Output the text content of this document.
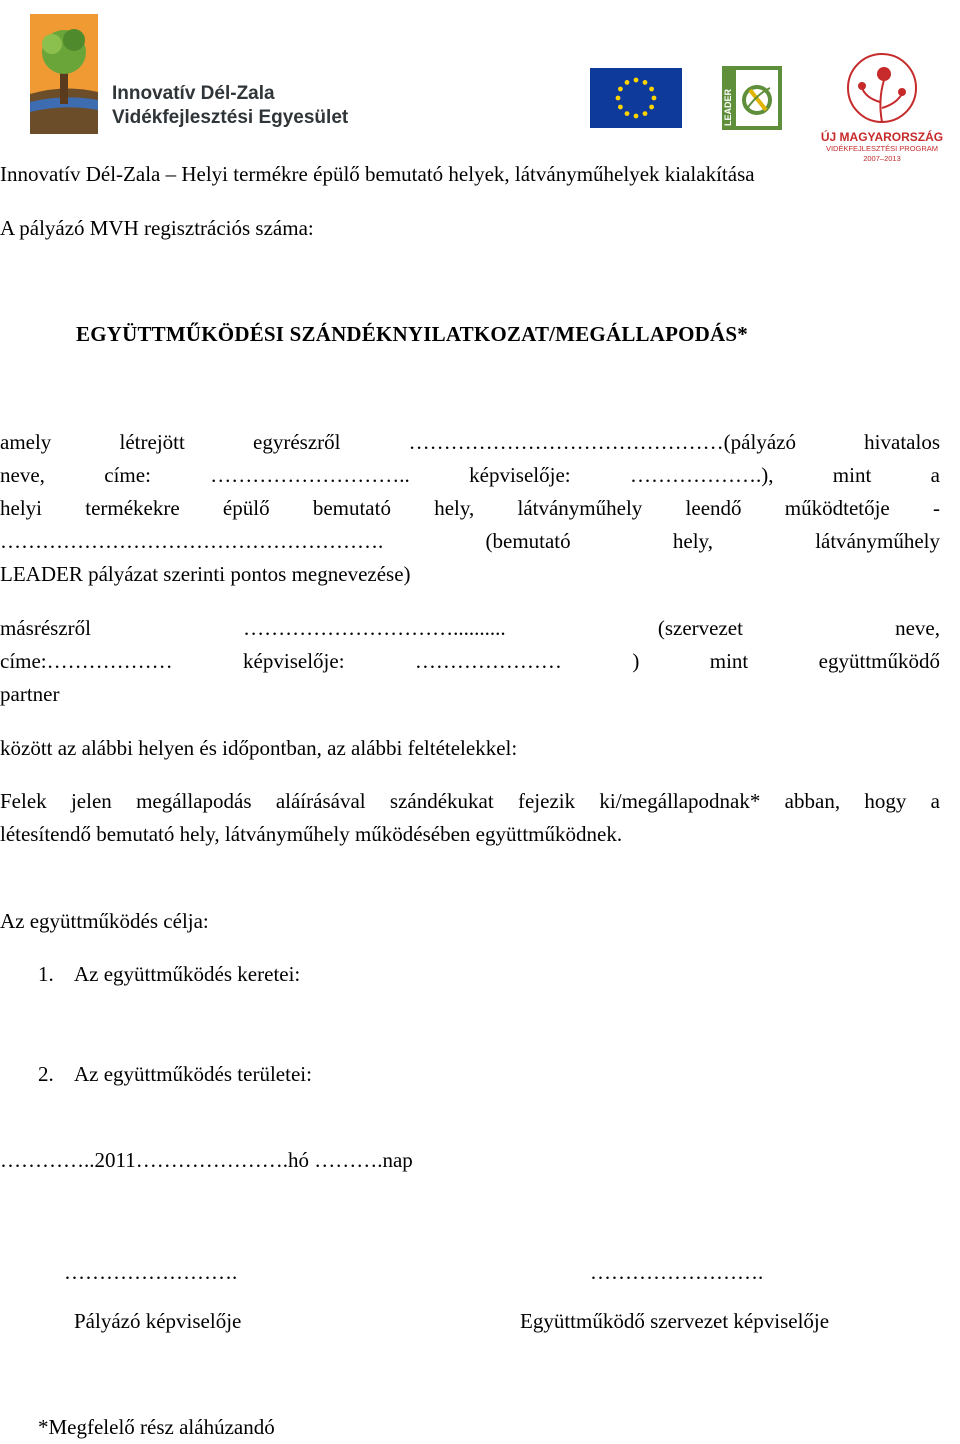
Innovatív Dél-Zala
Vidékfejlesztési Egyesület	LEADER
ÚJ MAGYARORSZÁG
VIDÉKFEJLESZTÉSI PROGRAM
2007–2013
Innovatív Dél-Zala – Helyi termékre épülő bemutató helyek, látványműhelyek kialakítása
A pályázó MVH regisztrációs száma:
EGYÜTTMŰKÖDÉSI SZÁNDÉKNYILATKOZAT/MEGÁLLAPODÁS*
amely létrejött egyrészről ………………………………………(pályázó hivatalos
neve, címe: ……………………….. képviselője: ……………….), mint a
helyi termékekre épülő bemutató hely, látványműhely leendő működtetője -
………………………………………………. (bemutató hely, látványműhely
LEADER pályázat szerinti pontos megnevezése)
másrészről ………………………….......... (szervezet neve,
címe:……………… képviselője: ………………… ) mint együttműködő
partner
között az alábbi helyen és időpontban, az alábbi feltételekkel:
Felek jelen megállapodás aláírásával szándékukat fejezik ki/megállapodnak* abban, hogy a
létesítendő bemutató hely, látványműhely működésében együttműködnek.
Az együttműködés célja:
1. Az együttműködés keretei:
2. Az együttműködés területei:
…………..2011………………….hó ……….nap
…………………….	…………………….
Pályázó képviselője	Együttműködő szervezet képviselője
*Megfelelő rész aláhúzandó
